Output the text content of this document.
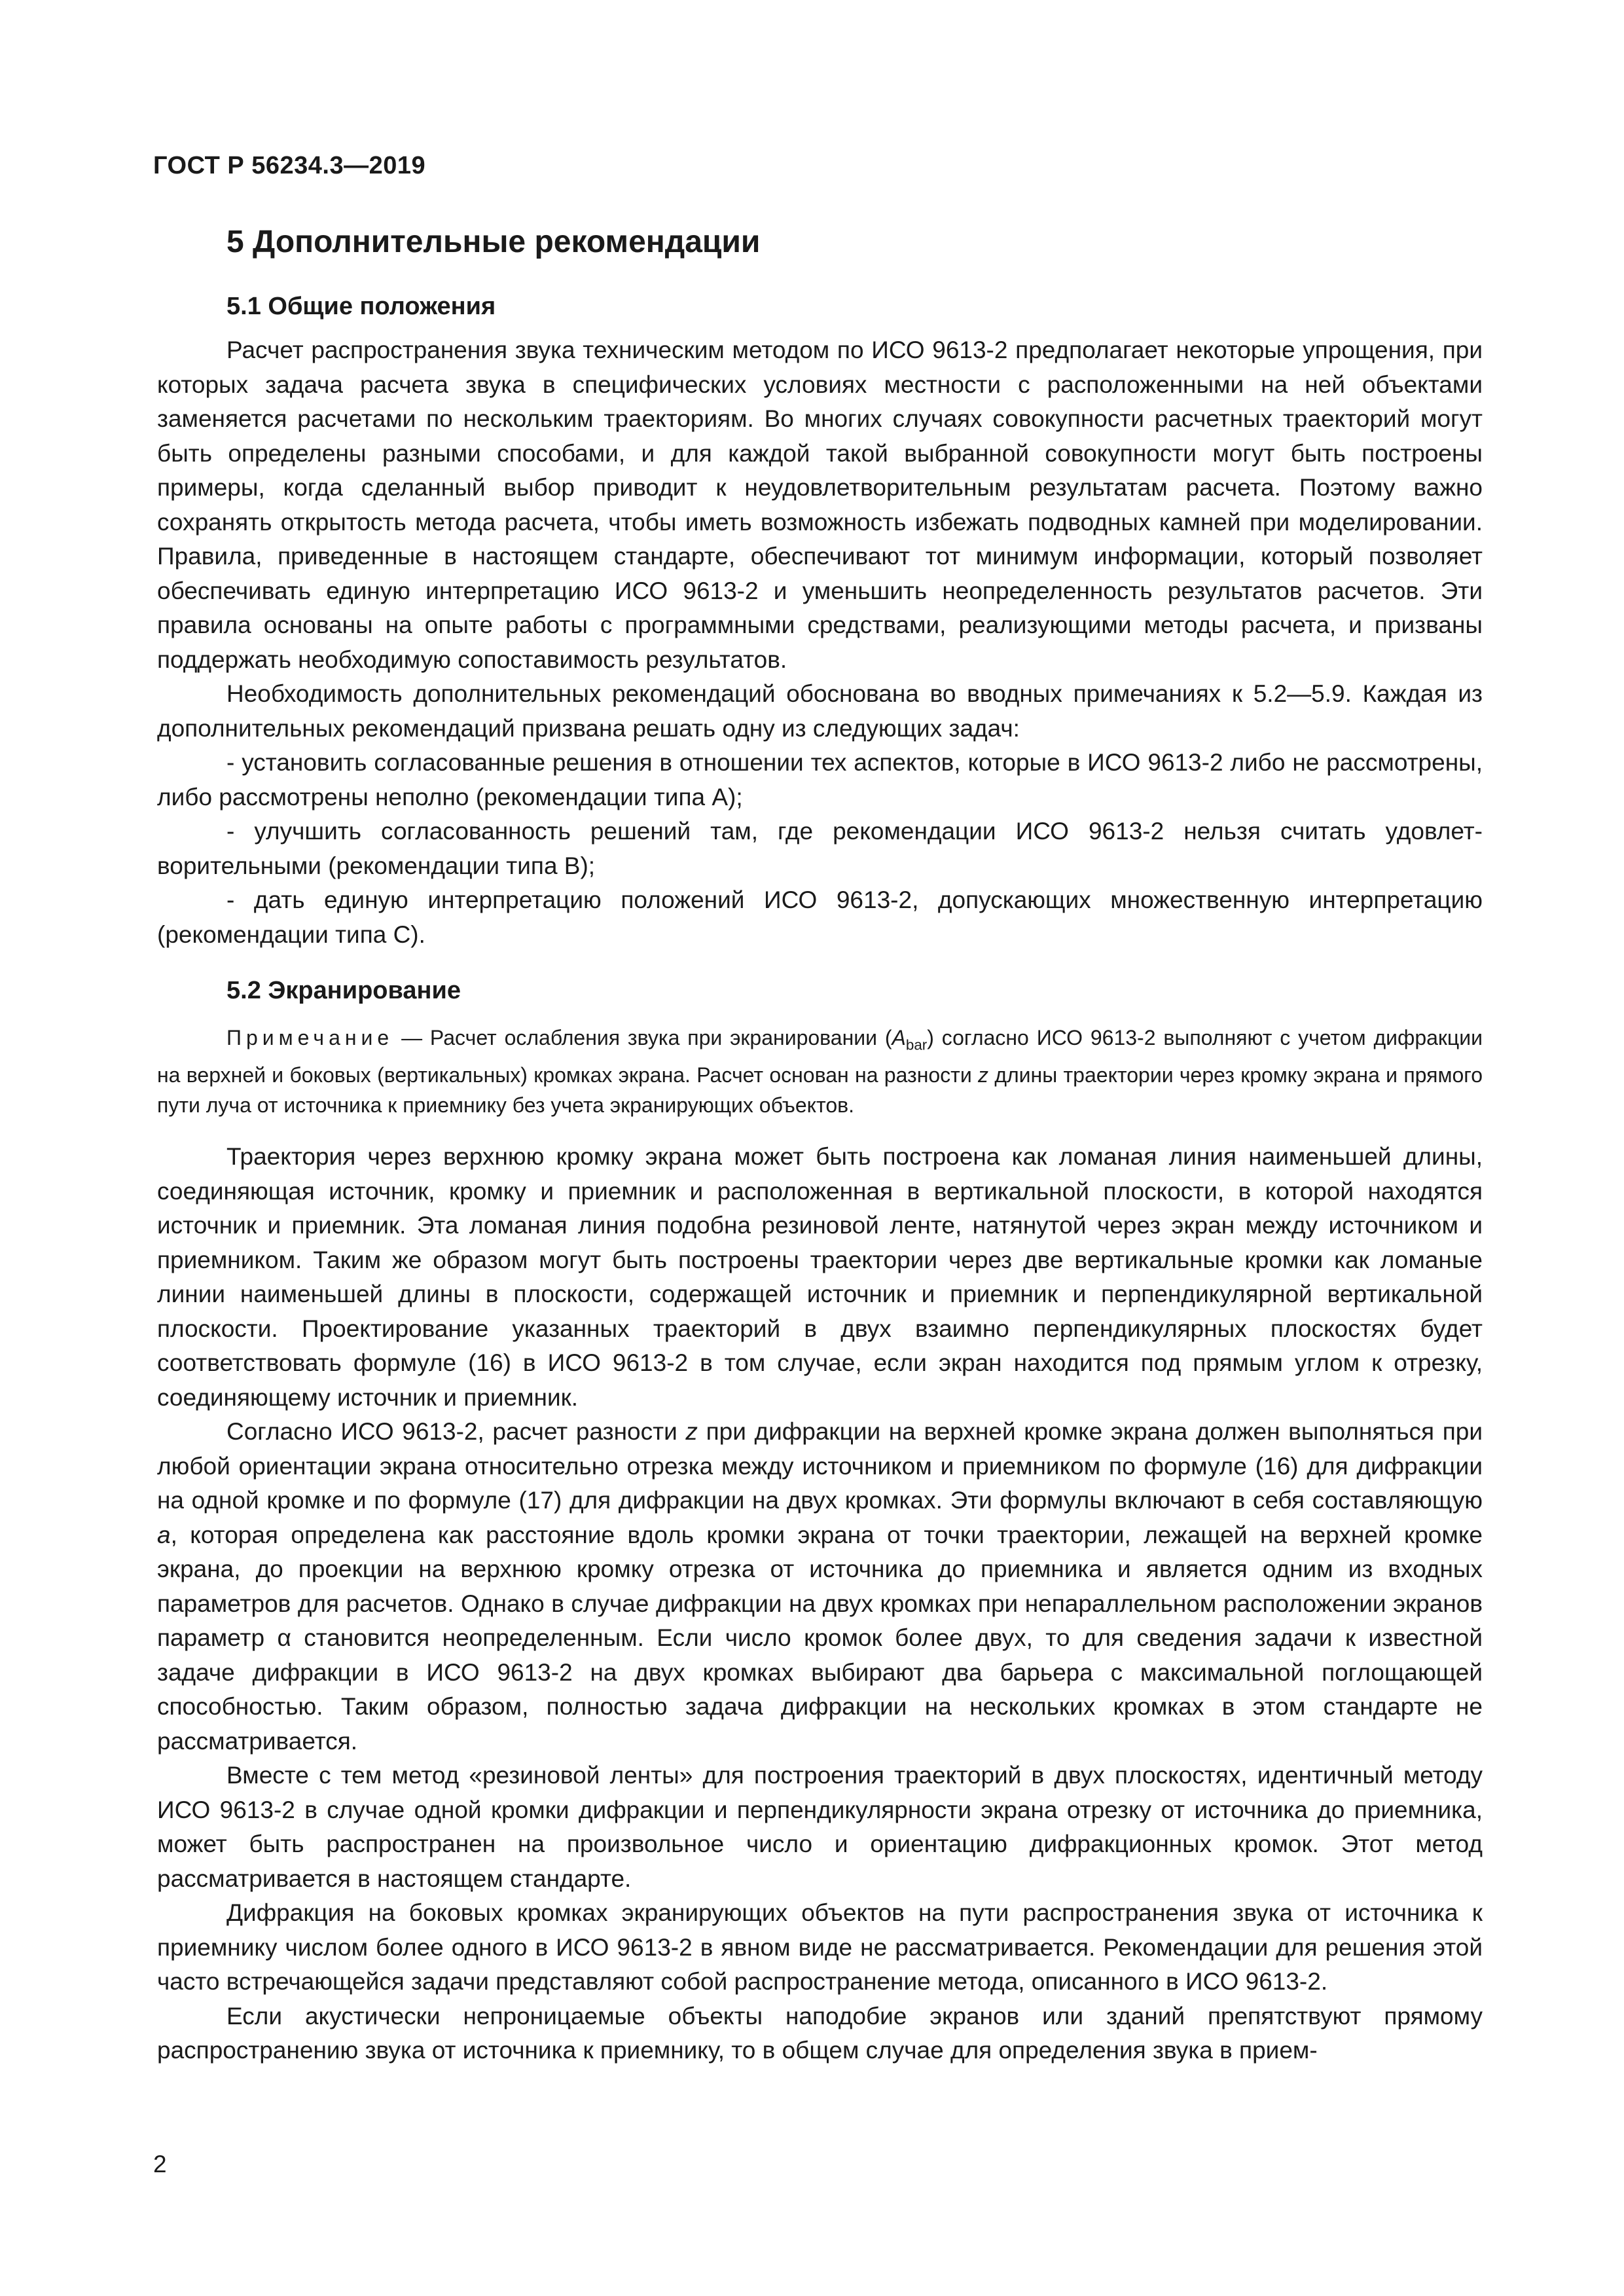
ГОСТ Р 56234.3—2019
5 Дополнительные рекомендации
5.1 Общие положения

Расчет распространения звука техническим методом по ИСО 9613-2 предполагает некоторые упрощения, при которых задача расчета звука в специфических условиях местности с расположенными на ней объектами заменяется расчетами по нескольким траекториям. Во многих случаях совокупности расчетных траекторий могут быть определены разными способами, и для каждой такой выбранной совокупности могут быть построены примеры, когда сделанный выбор приводит к неудовлетворительным результатам расчета. Поэтому важно сохранять открытость метода расчета, чтобы иметь возможность избежать подводных камней при моделировании. Правила, приведенные в настоящем стандарте, обеспечивают тот минимум информации, который позволяет обеспечивать единую интерпретацию ИСО 9613-2 и уменьшить неопределенность результатов расчетов. Эти правила основаны на опыте работы с программными средствами, реализующими методы расчета, и призваны поддержать необходимую сопоставимость результатов.

Необходимость дополнительных рекомендаций обоснована во вводных примечаниях к 5.2—5.9. Каждая из дополнительных рекомендаций призвана решать одну из следующих задач:

- установить согласованные решения в отношении тех аспектов, которые в ИСО 9613-2 либо не рассмотрены, либо рассмотрены неполно (рекомендации типа А);

- улучшить согласованность решений там, где рекомендации ИСО 9613-2 нельзя считать удовлетворительными (рекомендации типа В);

- дать единую интерпретацию положений ИСО 9613-2, допускающих множественную интерпретацию (рекомендации типа С).

5.2 Экранирование

Примечание — Расчет ослабления звука при экранировании $(A_{bar})$ согласно ИСО 9613-2 выполняют с учетом дифракции на верхней и боковых (вертикальных) кромках экрана. Расчет основан на разности z длины траектории через кромку экрана и прямого пути луча от источника к приемнику без учета экранирующих объектов.

Траектория через верхнюю кромку экрана может быть построена как ломаная линия наименьшей длины, соединяющая источник, кромку и приемник и расположенная в вертикальной плоскости, в которой находятся источник и приемник. Эта ломаная линия подобна резиновой ленте, натянутой через экран между источником и приемником. Таким же образом могут быть построены траектории через две вертикальные кромки как ломаные линии наименьшей длины в плоскости, содержащей источник и приемник и перпендикулярной вертикальной плоскости. Проектирование указанных траекторий в двух взаимно перпендикулярных плоскостях будет соответствовать формуле (16) в ИСО 9613-2 в том случае, если экран находится под прямым углом к отрезку, соединяющему источник и приемник.

Согласно ИСО 9613-2, расчет разности z при дифракции на верхней кромке экрана должен выполняться при любой ориентации экрана относительно отрезка между источником и приемником по формуле (16) для дифракции на одной кромке и по формуле (17) для дифракции на двух кромках. Эти формулы включают в себя составляющую a, которая определена как расстояние вдоль кромки экрана от точки траектории, лежащей на верхней кромке экрана, до проекции на верхнюю кромку отрезка от источника до приемника и является одним из входных параметров для расчетов. Однако в случае дифракции на двух кромках при непараллельном расположении экранов параметр α становится неопределенным. Если число кромок более двух, то для сведения задачи к известной задаче дифракции в ИСО 9613-2 на двух кромках выбирают два барьера с максимальной поглощающей способностью. Таким образом, полностью задача дифракции на нескольких кромках в этом стандарте не рассматривается.

Вместе с тем метод «резиновой ленты» для построения траекторий в двух плоскостях, идентичный методу ИСО 9613-2 в случае одной кромки дифракции и перпендикулярности экрана отрезку от источника до приемника, может быть распространен на произвольное число и ориентацию дифракционных кромок. Этот метод рассматривается в настоящем стандарте.

Дифракция на боковых кромках экранирующих объектов на пути распространения звука от источника к приемнику числом более одного в ИСО 9613-2 в явном виде не рассматривается. Рекомендации для решения этой часто встречающейся задачи представляют собой распространение метода, описанного в ИСО 9613-2.

Если акустически непроницаемые объекты наподобие экранов или зданий препятствуют прямому распространению звука от источника к приемнику, то в общем случае для определения звука в прием-

2
